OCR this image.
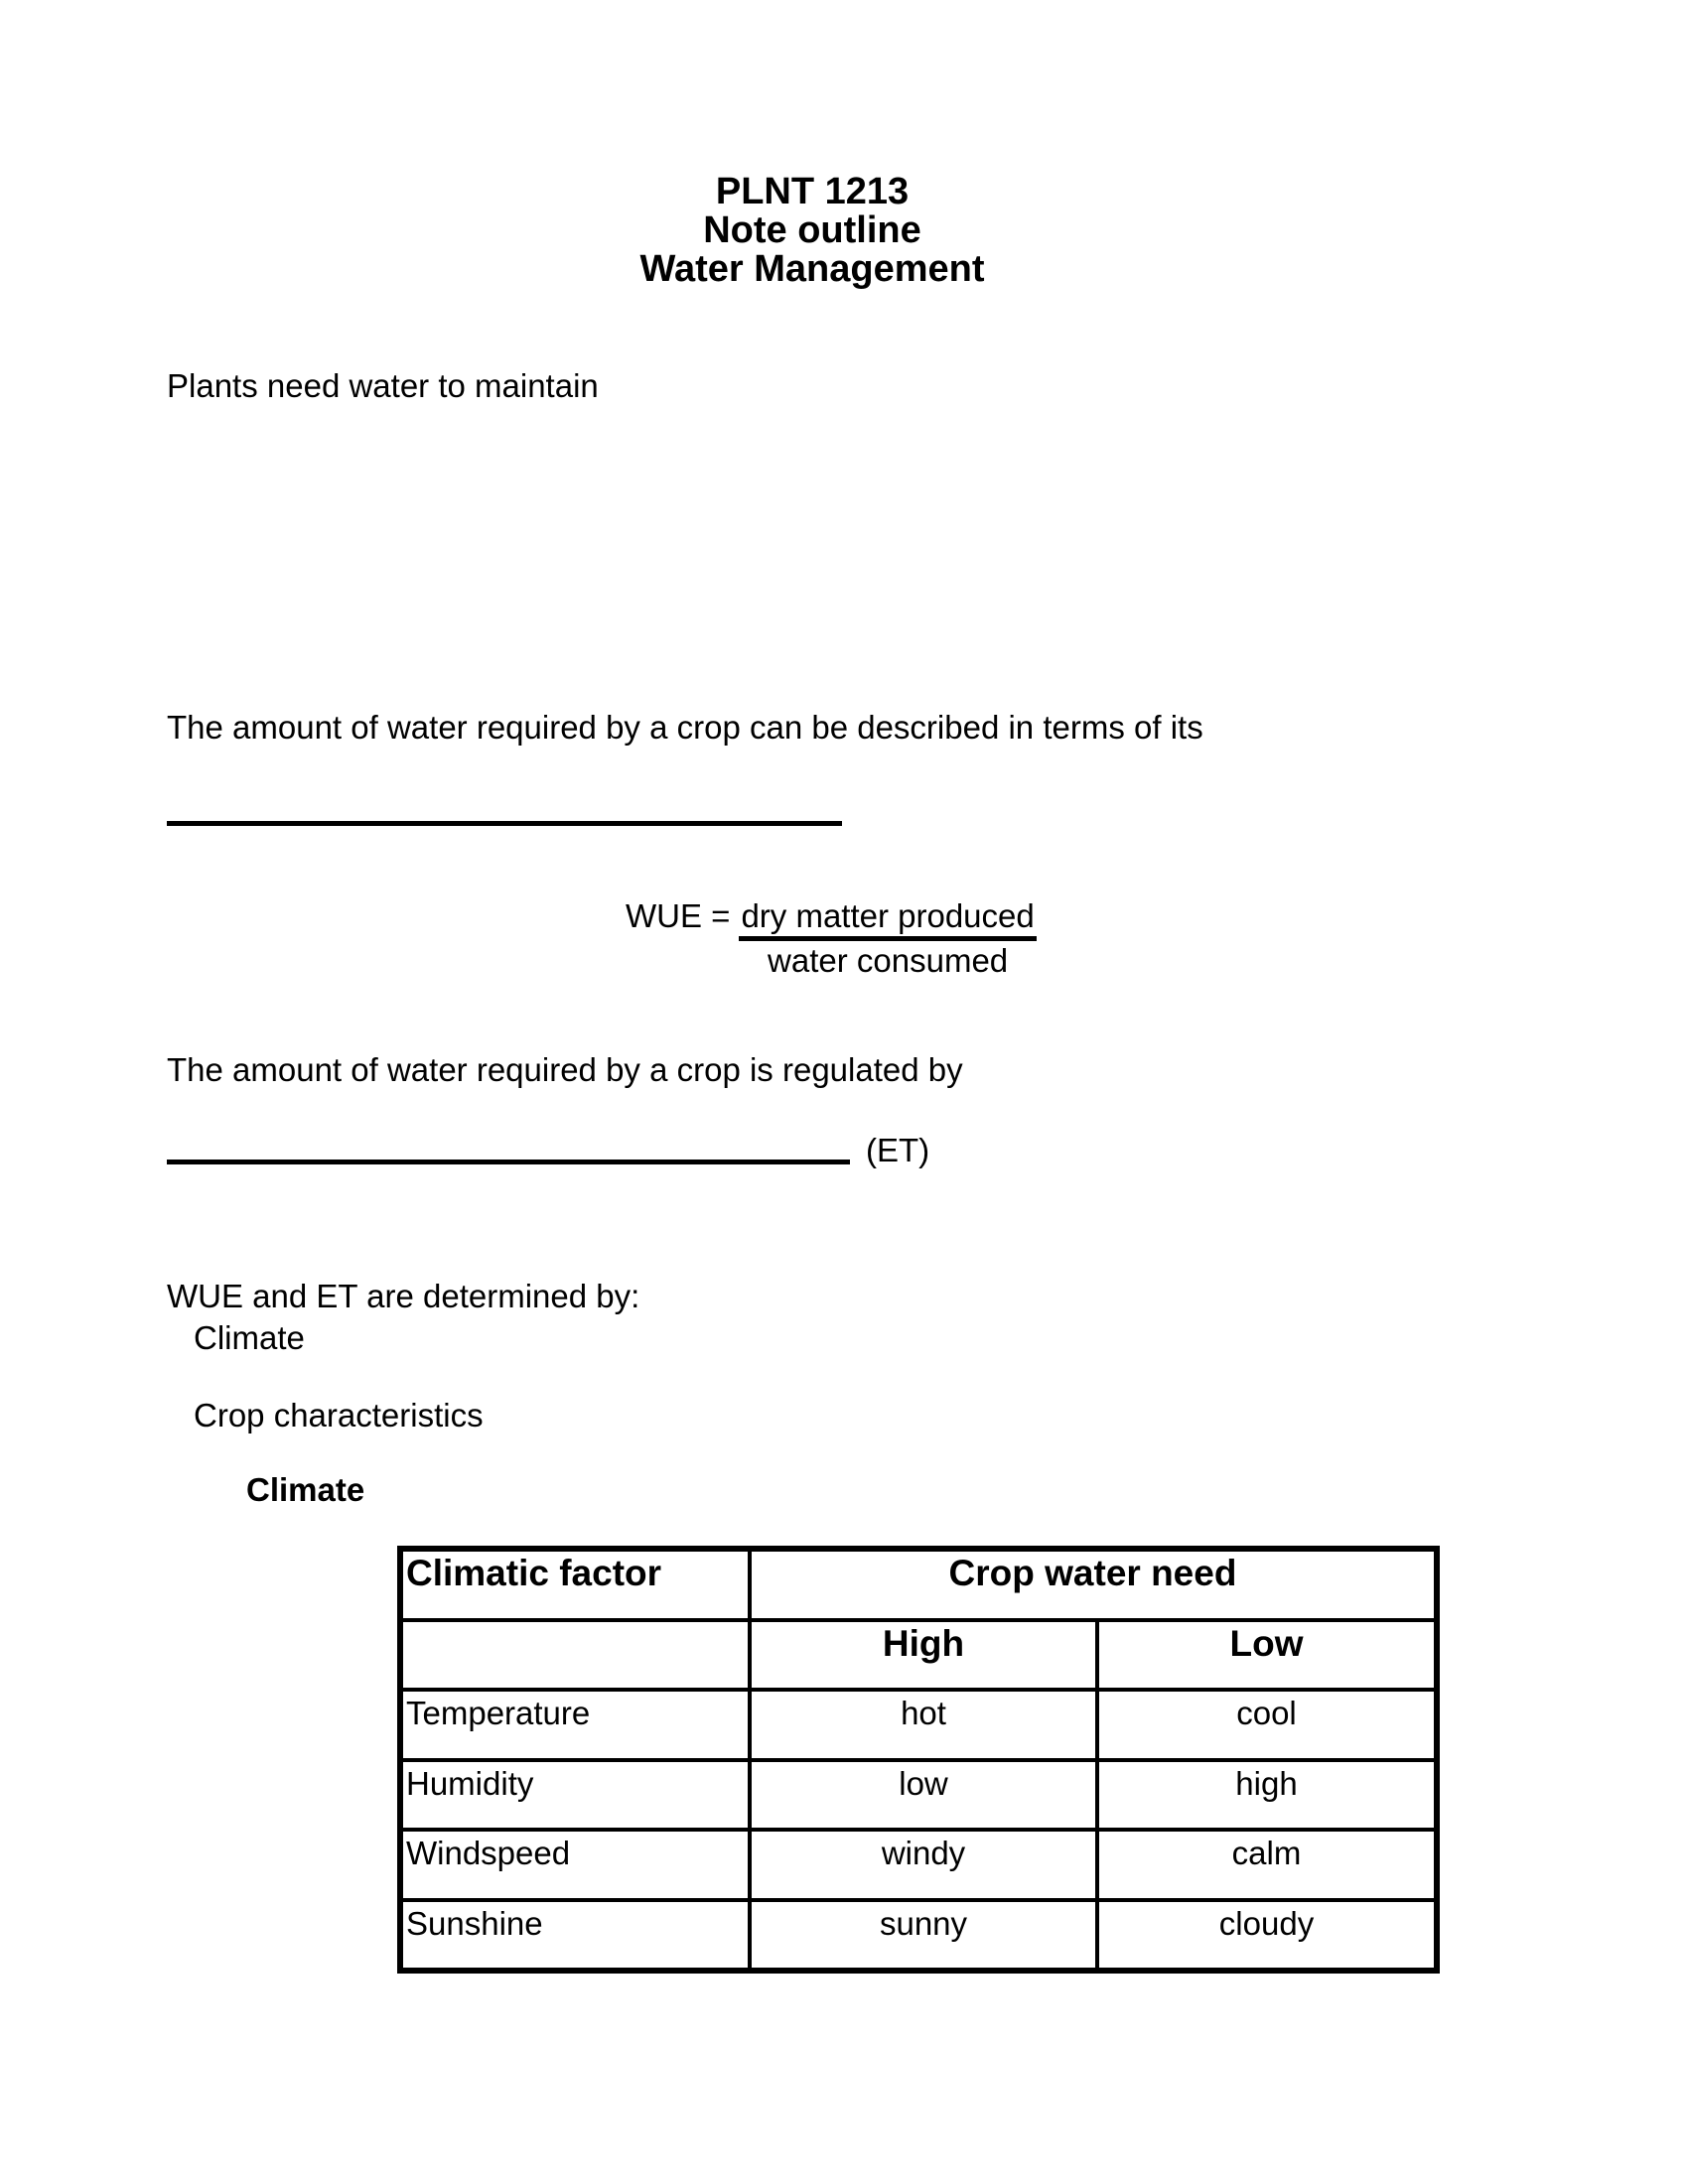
PLNT 1213
Note outline
Water Management

Plants need water to maintain

The amount of water required by a crop can be described in terms of its

WUE = $\frac{\text{dry matter produced}}{\text{water consumed}}$

The amount of water required by a crop is regulated by

(ET)

WUE and ET are determined by:

Climate

Crop characteristics

Climate

Climatic factor	Crop water need	
	High	Low
Temperature	hot	cool
Humidity	low	high
Windspeed	windy	calm
Sunshine	sunny	cloudy
